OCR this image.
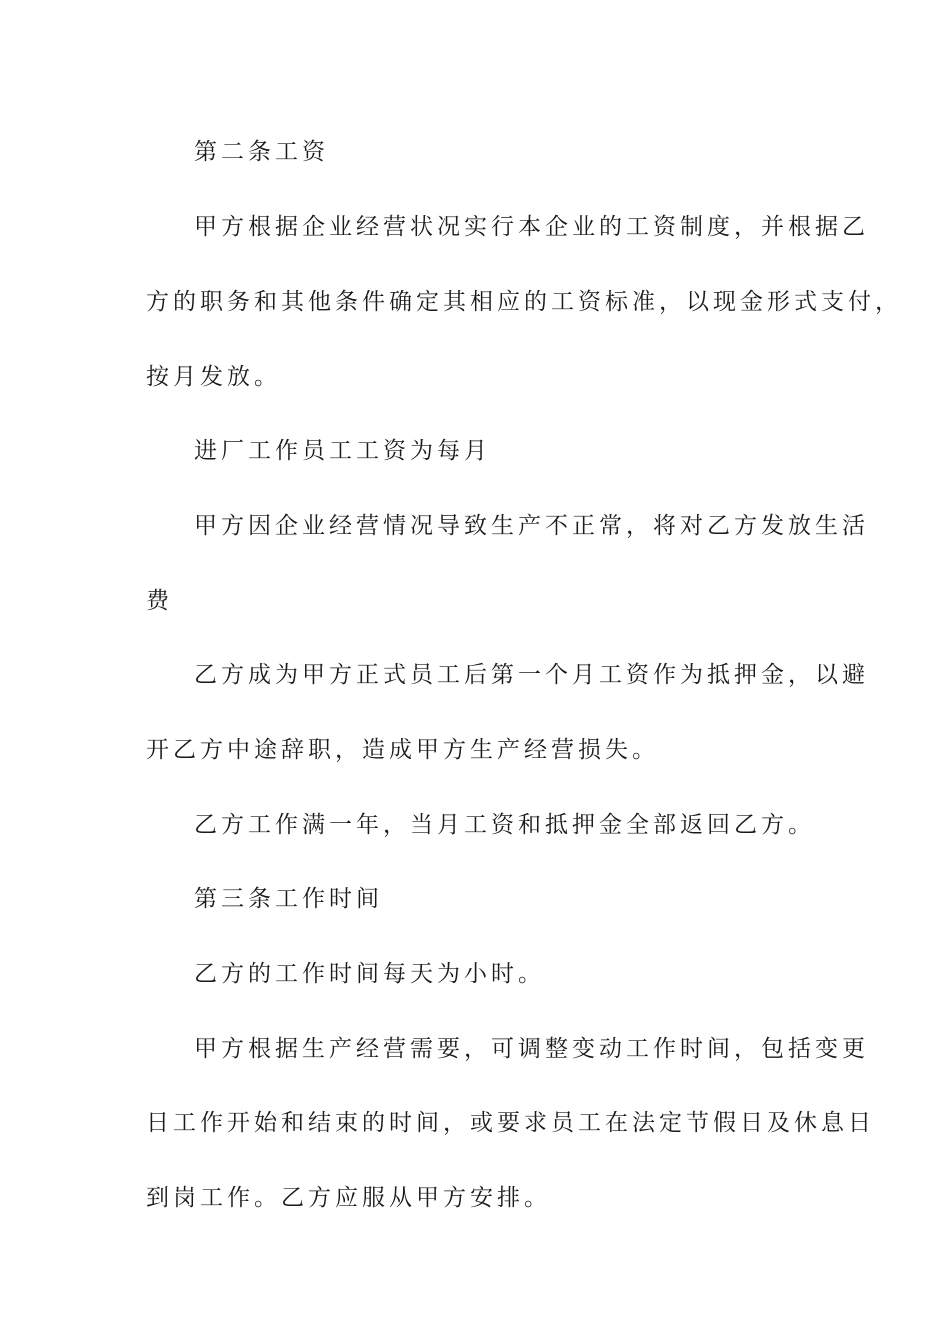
第二条工资
甲方根据企业经营状况实行本企业的工资制度，并根据乙
方的职务和其他条件确定其相应的工资标准，以现金形式支付，
按月发放。
进厂工作员工工资为每月
甲方因企业经营情况导致生产不正常，将对乙方发放生活
费
乙方成为甲方正式员工后第一个月工资作为抵押金，以避
开乙方中途辞职，造成甲方生产经营损失。
乙方工作满一年，当月工资和抵押金全部返回乙方。
第三条工作时间
乙方的工作时间每天为小时。
甲方根据生产经营需要，可调整变动工作时间，包括变更
日工作开始和结束的时间，或要求员工在法定节假日及休息日
到岗工作。乙方应服从甲方安排。
